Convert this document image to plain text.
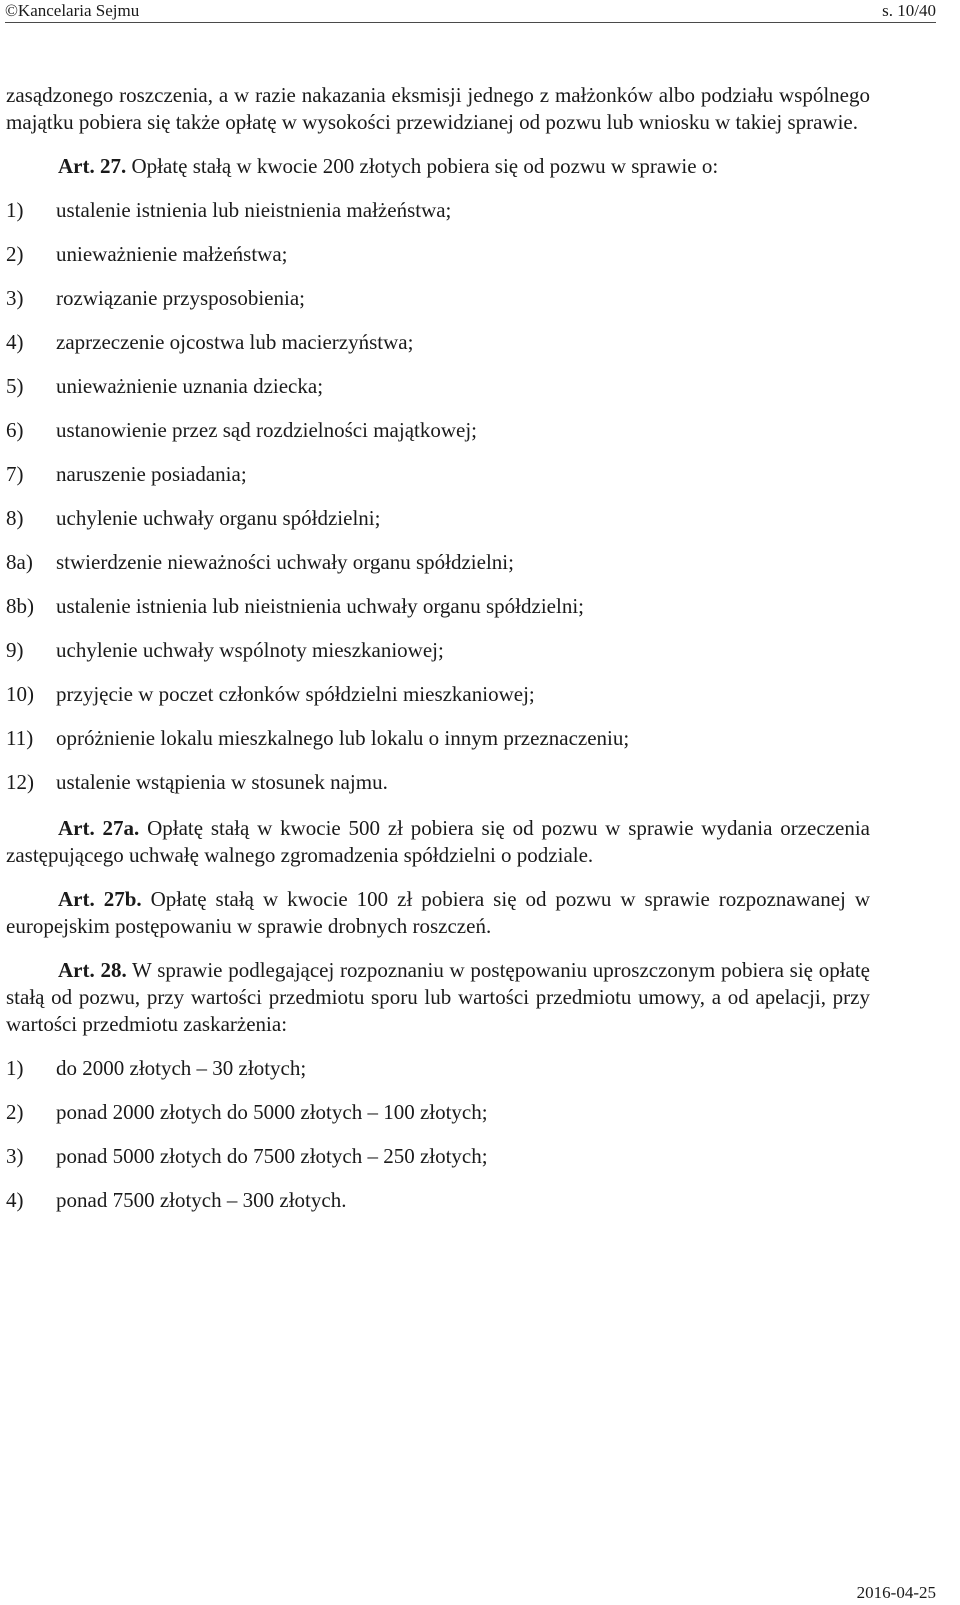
©Kancelaria Sejmu	s. 10/40

zasądzonego roszczenia, a w razie nakazania eksmisji jednego z małżonków albo podziału wspólnego majątku pobiera się także opłatę w wysokości przewidzianej od pozwu lub wniosku w takiej sprawie.

Art. 27. Opłatę stałą w kwocie 200 złotych pobiera się od pozwu w sprawie o:

1)	ustalenie istnienia lub nieistnienia małżeństwa;
2)	unieważnienie małżeństwa;
3)	rozwiązanie przysposobienia;
4)	zaprzeczenie ojcostwa lub macierzyństwa;
5)	unieważnienie uznania dziecka;
6)	ustanowienie przez sąd rozdzielności majątkowej;
7)	naruszenie posiadania;
8)	uchylenie uchwały organu spółdzielni;
8a)	stwierdzenie nieważności uchwały organu spółdzielni;
8b)	ustalenie istnienia lub nieistnienia uchwały organu spółdzielni;
9)	uchylenie uchwały wspólnoty mieszkaniowej;
10)	przyjęcie w poczet członków spółdzielni mieszkaniowej;
11)	opróżnienie lokalu mieszkalnego lub lokalu o innym przeznaczeniu;
12)	ustalenie wstąpienia w stosunek najmu.

Art. 27a. Opłatę stałą w kwocie 500 zł pobiera się od pozwu w sprawie wydania orzeczenia zastępującego uchwałę walnego zgromadzenia spółdzielni o podziale.

Art. 27b. Opłatę stałą w kwocie 100 zł pobiera się od pozwu w sprawie rozpoznawanej w europejskim postępowaniu w sprawie drobnych roszczeń.

Art. 28. W sprawie podlegającej rozpoznaniu w postępowaniu uproszczonym pobiera się opłatę stałą od pozwu, przy wartości przedmiotu sporu lub wartości przedmiotu umowy, a od apelacji, przy wartości przedmiotu zaskarżenia:

1)	do 2000 złotych – 30 złotych;
2)	ponad 2000 złotych do 5000 złotych – 100 złotych;
3)	ponad 5000 złotych do 7500 złotych – 250 złotych;
4)	ponad 7500 złotych – 300 złotych.
2016-04-25
